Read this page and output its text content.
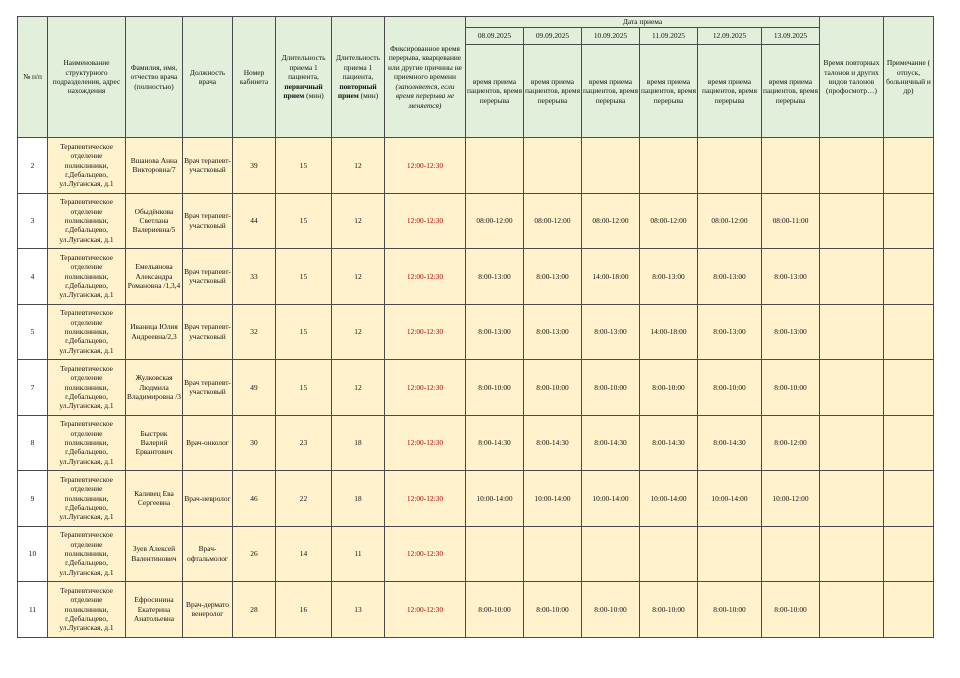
№ п/п	Наименование структурного подразделения, адрес нахождения	Фамилия, имя, отчество врача (полностью)	Должность врача	Номер кабинета	Длительность приема 1 пациента, первичный прием (мин)	Длительность приема 1 пациента, повторный прием (мин)	Фиксированное время перерыва, кварцевание или другие причины не приемного времени (заполняется, если время перерыва не меняется)	Дата приема						Время повторных талонов и других видов талонов (профосмотр…)	Примечание ( отпуск, больничный и др)
								08.09.2025	09.09.2025	10.09.2025	11.09.2025	12.09.2025	13.09.2025		
								время приема пациентов, время перерыва	время приема пациентов, время перерыва	время приема пациентов, время перерыва	время приема пациентов, время перерыва	время приема пациентов, время перерыва	время приема пациентов, время перерыва		
2	Терапевтическое отделение поликлиники, г.Дебальцево, ул.Луганская, д.1	Вшанова Анна Викторовна/7	Врач терапевт-участковый	39	15	12	12:00-12:30								
3	Терапевтическое отделение поликлиники, г.Дебальцево, ул.Луганская, д.1	Обыдёнкова Светлана Валериевна/5	Врач терапевт-участковый	44	15	12	12:00-12:30	08:00-12:00	08:00-12:00	08:00-12:00	08:00-12:00	08:00-12:00	08:00-11:00		
4	Терапевтическое отделение поликлиники, г.Дебальцево, ул.Луганская, д.1	Емельянова Александра Романовна /1,3,4	Врач терапевт-участковый	33	15	12	12:00-12:30	8:00-13:00	8:00-13:00	14:00-18:00	8:00-13:00	8:00-13:00	8:00-13:00		
5	Терапевтическое отделение поликлиники, г.Дебальцево, ул.Луганская, д.1	Иваница Юлия Андреевна/2,3	Врач терапевт-участковый	32	15	12	12:00-12:30	8:00-13:00	8:00-13:00	8:00-13:00	14:00-18:00	8:00-13:00	8:00-13:00		
7	Терапевтическое отделение поликлиники, г.Дебальцево, ул.Луганская, д.1	Жулковская Людмила Владимировна /3	Врач терапевт-участковый	49	15	12	12:00-12:30	8:00-10:00	8:00-10:00	8:00-10:00	8:00-10:00	8:00-10:00	8:00-10:00		
8	Терапевтическое отделение поликлиники, г.Дебальцево, ул.Луганская, д.1	Быстрик Валерий Ервантович	Врач-онколог	30	23	18	12:00-12:30	8:00-14:30	8:00-14:30	8:00-14:30	8:00-14:30	8:00-14:30	8:00-12:00		
9	Терапевтическое отделение поликлиники, г.Дебальцево, ул.Луганская, д.1	Каливец Ева Сергеевна	Врач-невролог	46	22	18	12:00-12:30	10:00-14:00	10:00-14:00	10:00-14:00	10:00-14:00	10:00-14:00	10:00-12:00		
10	Терапевтическое отделение поликлиники, г.Дебальцево, ул.Луганская, д.1	Зуев Алексей Валентинович	Врач-офтальмолог	26	14	11	12:00-12:30								
11	Терапевтическое отделение поликлиники, г.Дебальцево, ул.Луганская, д.1	Ефросинина Екатерина Анатольевна	Врач-дермато венеролог	28	16	13	12:00-12:30	8:00-10:00	8:00-10:00	8:00-10:00	8:00-10:00	8:00-10:00	8:00-10:00		
